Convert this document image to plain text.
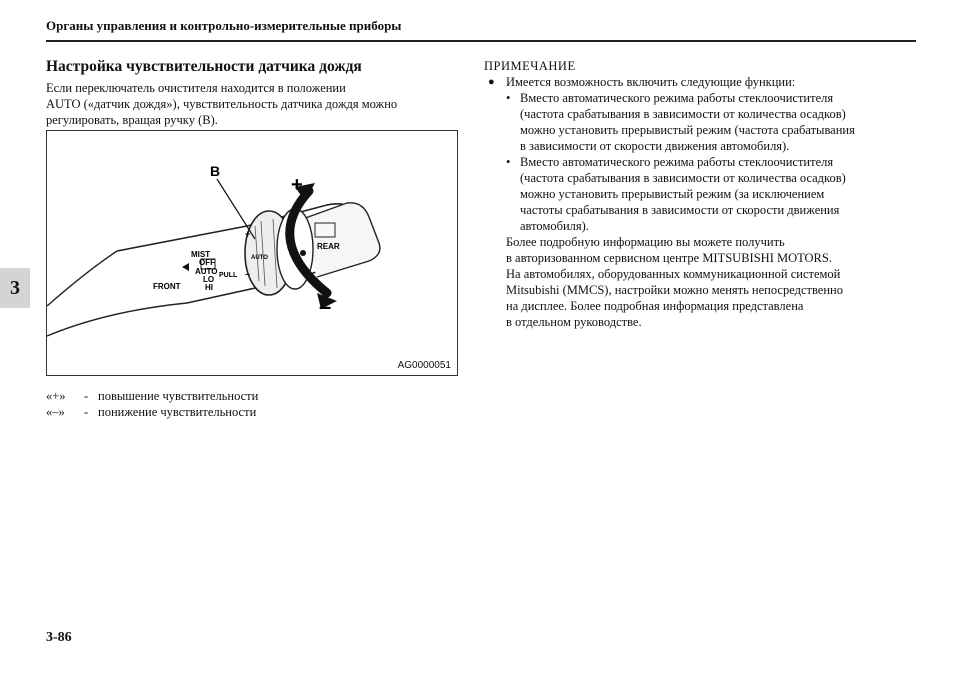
Органы управления и контрольно-измерительные приборы
3
Настройка чувствительности датчика дождя

Если переключатель очистителя находится в положении

AUTO («датчик дождя»), чувствительность датчика дождя можно

регулировать, вращая ручку (B).

B
+
–
MIST
OFF
AUTO
LO
HI
FRONT
PULL
REAR
AUTO
+
–
AG0000051
«+»	- повышение чувствительности
«–»	- понижение чувствительности

ПРИМЕЧАНИЕ

● Имеется возможность включить следующие функции:
• Вместо автоматического режима работы стеклоочистителя
(частота срабатывания в зависимости от количества осадков)
можно установить прерывистый режим (частота срабатывания
в зависимости от скорости движения автомобиля).
• Вместо автоматического режима работы стеклоочистителя
(частота срабатывания в зависимости от количества осадков)
можно установить прерывистый режим (за исключением
частоты срабатывания в зависимости от скорости движения
автомобиля).
Более подробную информацию вы можете получить
в авторизованном сервисном центре MITSUBISHI MOTORS.
На автомобилях, оборудованных коммуникационной системой
Mitsubishi (MMCS), настройки можно менять непосредственно
на дисплее. Более подробная информация представлена
в отдельном руководстве.
3-86
